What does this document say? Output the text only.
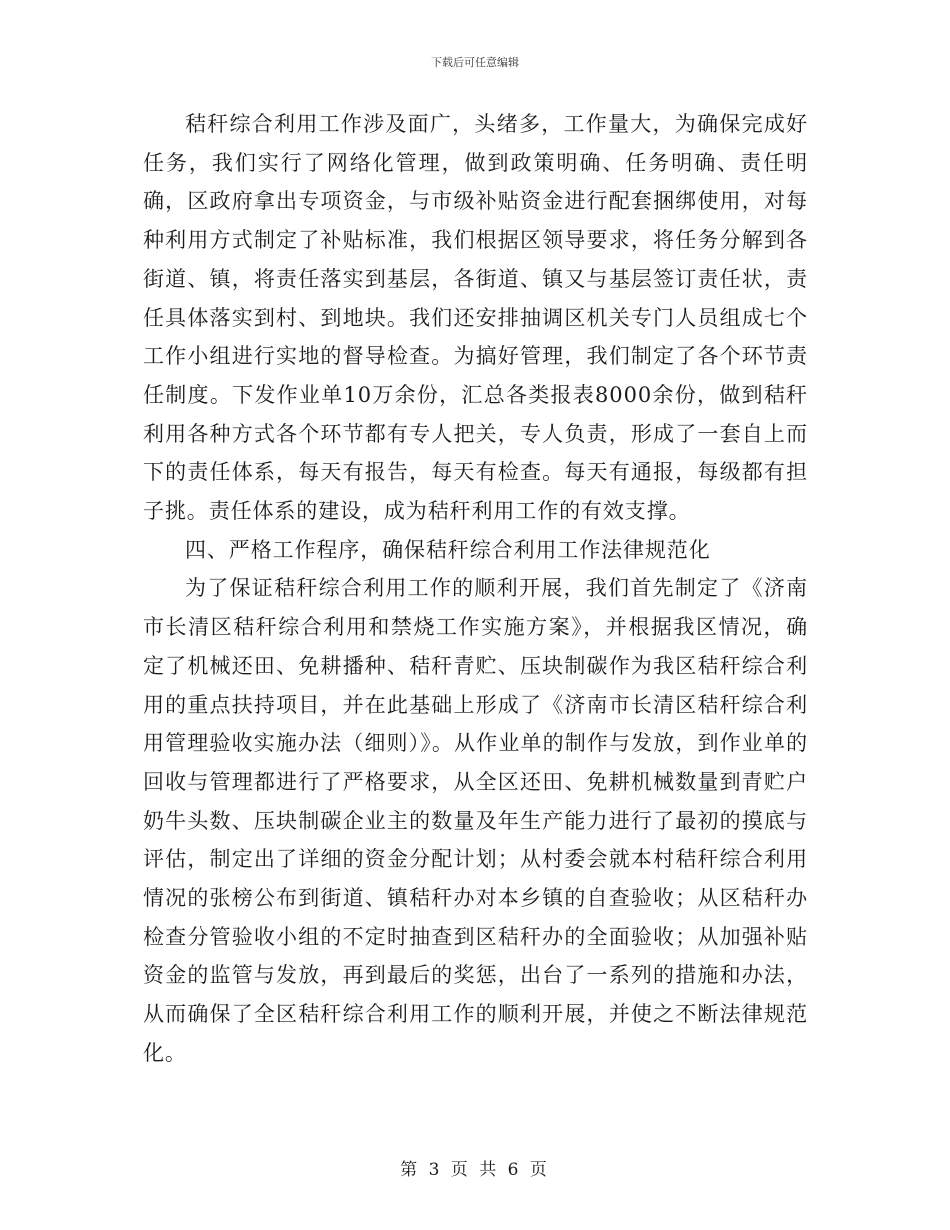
下载后可任意编辑

秸秆综合利用工作涉及面广，头绪多，工作量大，为确保完成好任务，我们实行了网络化管理，做到政策明确、任务明确、责任明确，区政府拿出专项资金，与市级补贴资金进行配套捆绑使用，对每种利用方式制定了补贴标准，我们根据区领导要求，将任务分解到各街道、镇，将责任落实到基层，各街道、镇又与基层签订责任状，责任具体落实到村、到地块。我们还安排抽调区机关专门人员组成七个工作小组进行实地的督导检查。为搞好管理，我们制定了各个环节责任制度。下发作业单10万余份，汇总各类报表8000余份，做到秸秆利用各种方式各个环节都有专人把关，专人负责，形成了一套自上而下的责任体系，每天有报告，每天有检查。每天有通报，每级都有担子挑。责任体系的建设，成为秸秆利用工作的有效支撑。

四、严格工作程序，确保秸秆综合利用工作法律规范化

为了保证秸秆综合利用工作的顺利开展，我们首先制定了《济南市长清区秸秆综合利用和禁烧工作实施方案》，并根据我区情况，确定了机械还田、免耕播种、秸秆青贮、压块制碳作为我区秸秆综合利用的重点扶持项目，并在此基础上形成了《济南市长清区秸秆综合利用管理验收实施办法（细则）》。从作业单的制作与发放，到作业单的回收与管理都进行了严格要求，从全区还田、免耕机械数量到青贮户奶牛头数、压块制碳企业主的数量及年生产能力进行了最初的摸底与评估，制定出了详细的资金分配计划；从村委会就本村秸秆综合利用情况的张榜公布到街道、镇秸秆办对本乡镇的自查验收；从区秸秆办检查分管验收小组的不定时抽查到区秸秆办的全面验收；从加强补贴资金的监管与发放，再到最后的奖惩，出台了一系列的措施和办法，从而确保了全区秸秆综合利用工作的顺利开展，并使之不断法律规范化。

第 3 页 共 6 页
